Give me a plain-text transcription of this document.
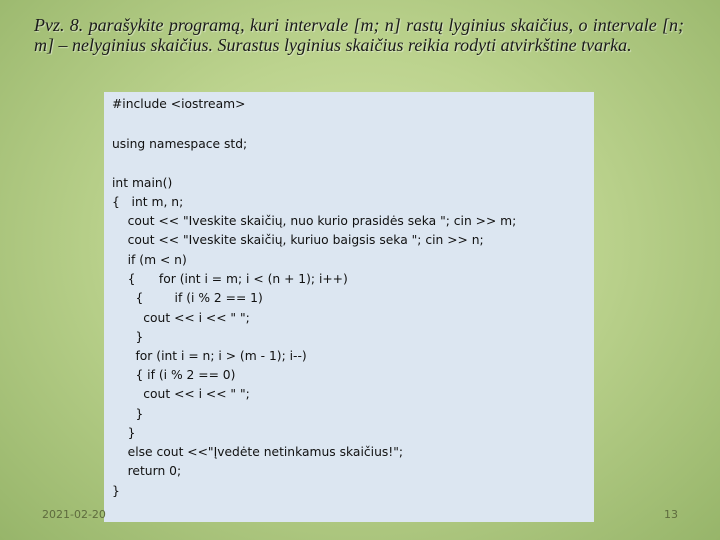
Pvz. 8. parašykite programą, kuri intervale [m; n] rastų lyginius skaičius, o intervale [n; m] – nelyginius skaičius. Surastus lyginius skaičius reikia rodyti atvirkštine tvarka.
#include <iostream>
using namespace std;
int main()
{   int m, n;
cout << "Iveskite skaičių, nuo kurio prasidės seka "; cin >> m;
cout << "Iveskite skaičių, kuriuo baigsis seka "; cin >> n;
if (m < n)
{      for (int i = m; i < (n + 1); i++)
{        if (i % 2 == 1)
cout << i << " ";
}
for (int i = n; i > (m - 1); i--)
{ if (i % 2 == 0)
cout << i << " ";
}
}
else cout <<"Įvedėte netinkamus skaičius!";
return 0;
}
2021-02-20	13
